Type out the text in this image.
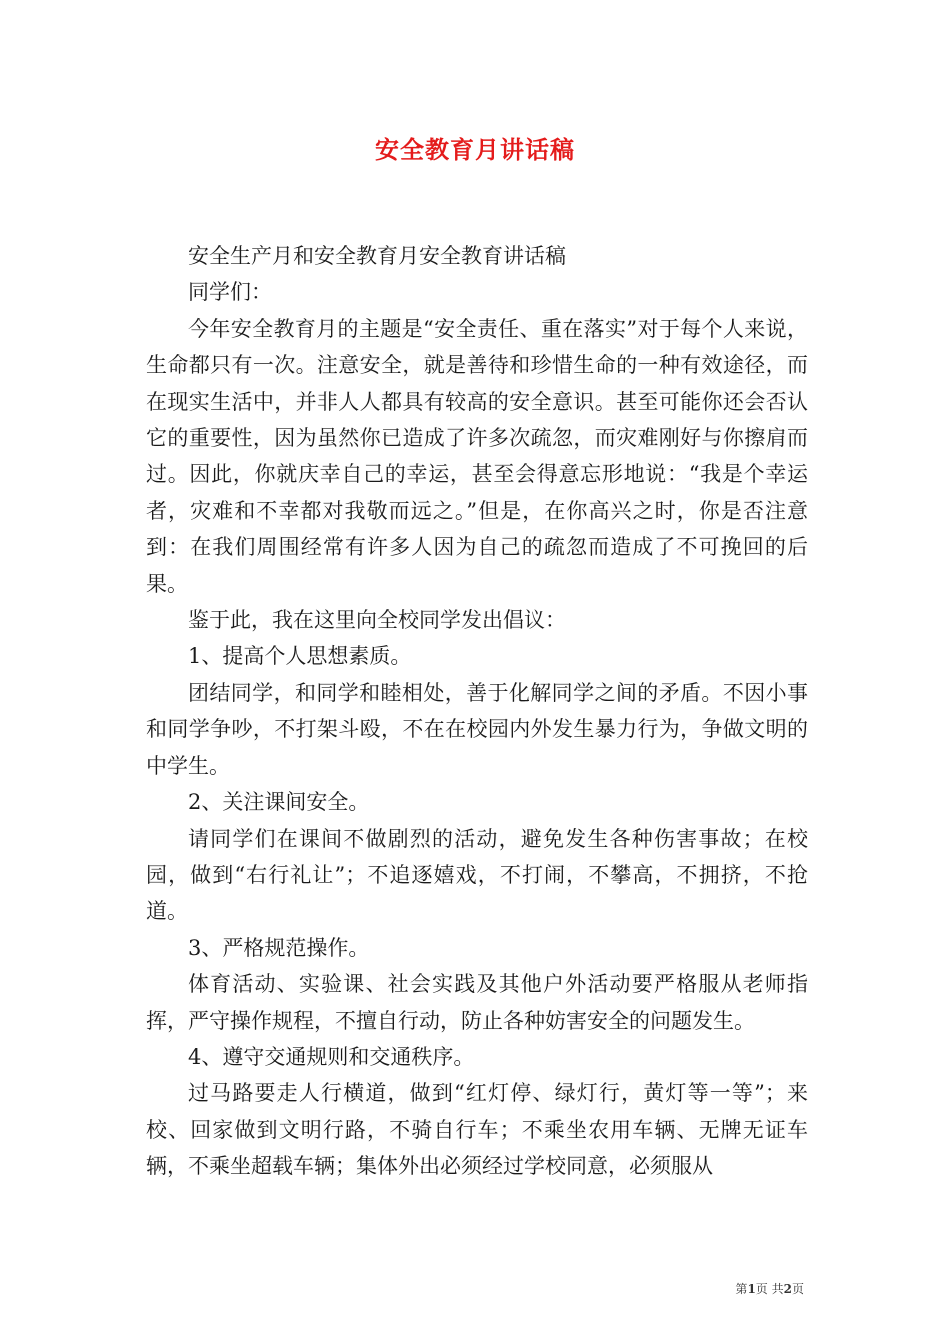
安全教育月讲话稿

安全生产月和安全教育月安全教育讲话稿

同学们：

今年安全教育月的主题是“安全责任、重在落实”对于每个人来说，生命都只有一次。注意安全，就是善待和珍惜生命的一种有效途径，而在现实生活中，并非人人都具有较高的安全意识。甚至可能你还会否认它的重要性，因为虽然你已造成了许多次疏忽，而灾难刚好与你擦肩而过。因此，你就庆幸自己的幸运，甚至会得意忘形地说：“我是个幸运者，灾难和不幸都对我敬而远之。”但是，在你高兴之时，你是否注意到：在我们周围经常有许多人因为自己的疏忽而造成了不可挽回的后果。

鉴于此，我在这里向全校同学发出倡议：

1、提高个人思想素质。

团结同学，和同学和睦相处，善于化解同学之间的矛盾。不因小事和同学争吵，不打架斗殴，不在在校园内外发生暴力行为，争做文明的中学生。

2、关注课间安全。

请同学们在课间不做剧烈的活动，避免发生各种伤害事故；在校园，做到“右行礼让”；不追逐嬉戏，不打闹，不攀高，不拥挤，不抢道。

3、严格规范操作。

体育活动、实验课、社会实践及其他户外活动要严格服从老师指挥，严守操作规程，不擅自行动，防止各种妨害安全的问题发生。

4、遵守交通规则和交通秩序。

过马路要走人行横道，做到“红灯停、绿灯行，黄灯等一等”；来校、回家做到文明行路，不骑自行车；不乘坐农用车辆、无牌无证车辆，不乘坐超载车辆；集体外出必须经过学校同意，必须服从

第1页 共2页
